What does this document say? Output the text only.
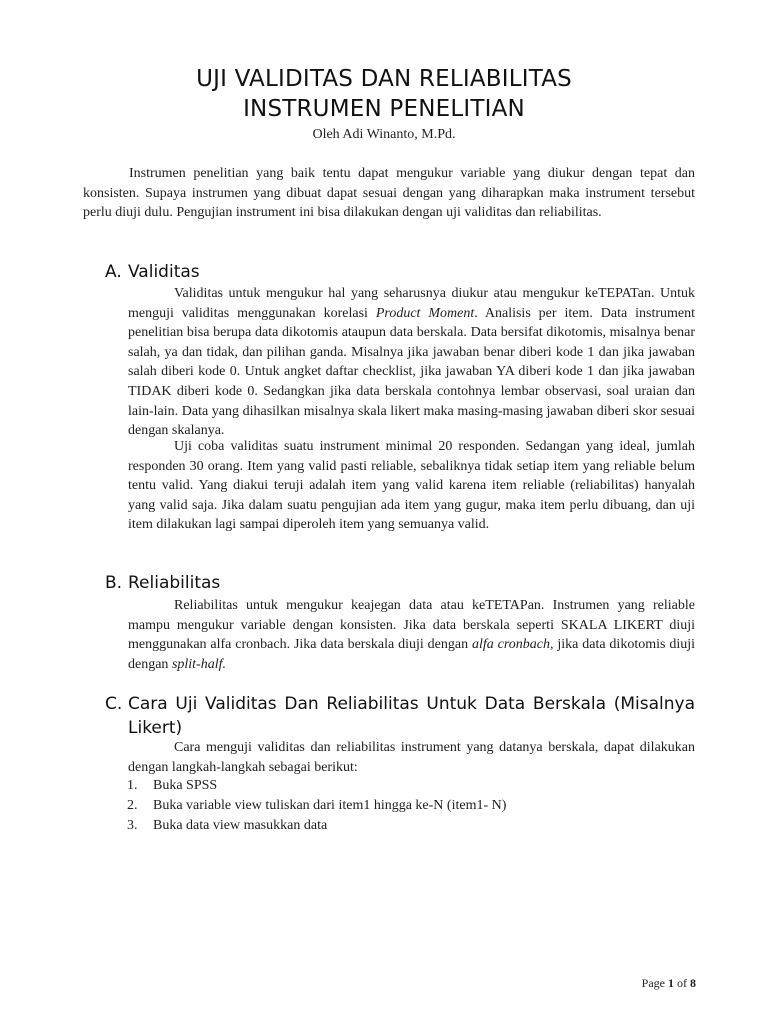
UJI VALIDITAS DAN RELIABILITAS
INSTRUMEN PENELITIAN
Oleh Adi Winanto, M.Pd.

Instrumen penelitian yang baik tentu dapat mengukur variable yang diukur dengan tepat dan konsisten. Supaya instrumen yang dibuat dapat sesuai dengan yang diharapkan maka instrument tersebut perlu diuji dulu. Pengujian instrument ini bisa dilakukan dengan uji validitas dan reliabilitas.

A. Validitas

Validitas untuk mengukur hal yang seharusnya diukur atau mengukur keTEPATan. Untuk menguji validitas menggunakan korelasi Product Moment. Analisis per item. Data instrument penelitian bisa berupa data dikotomis ataupun data berskala. Data bersifat dikotomis, misalnya benar salah, ya dan tidak, dan pilihan ganda. Misalnya jika jawaban benar diberi kode 1 dan jika jawaban salah diberi kode 0. Untuk angket daftar checklist, jika jawaban YA diberi kode 1 dan jika jawaban TIDAK diberi kode 0. Sedangkan jika data berskala contohnya lembar observasi, soal uraian dan lain-lain. Data yang dihasilkan misalnya skala likert maka masing-masing jawaban diberi skor sesuai dengan skalanya.

Uji coba validitas suatu instrument minimal 20 responden. Sedangan yang ideal, jumlah responden 30 orang. Item yang valid pasti reliable, sebaliknya tidak setiap item yang reliable belum tentu valid. Yang diakui teruji adalah item yang valid karena item reliable (reliabilitas) hanyalah yang valid saja. Jika dalam suatu pengujian ada item yang gugur, maka item perlu dibuang, dan uji item dilakukan lagi sampai diperoleh item yang semuanya valid.

B. Reliabilitas

Reliabilitas untuk mengukur keajegan data atau keTETAPan. Instrumen yang reliable mampu mengukur variable dengan konsisten. Jika data berskala seperti SKALA LIKERT diuji menggunakan alfa cronbach. Jika data berskala diuji dengan alfa cronbach, jika data dikotomis diuji dengan split-half.

C. Cara Uji Validitas Dan Reliabilitas Untuk Data Berskala (Misalnya Likert)

Cara menguji validitas dan reliabilitas instrument yang datanya berskala, dapat dilakukan dengan langkah-langkah sebagai berikut:

1. Buka SPSS
2. Buka variable view tuliskan dari item1 hingga ke-N (item1- N)
3. Buka data view masukkan data
Page 1 of 8
